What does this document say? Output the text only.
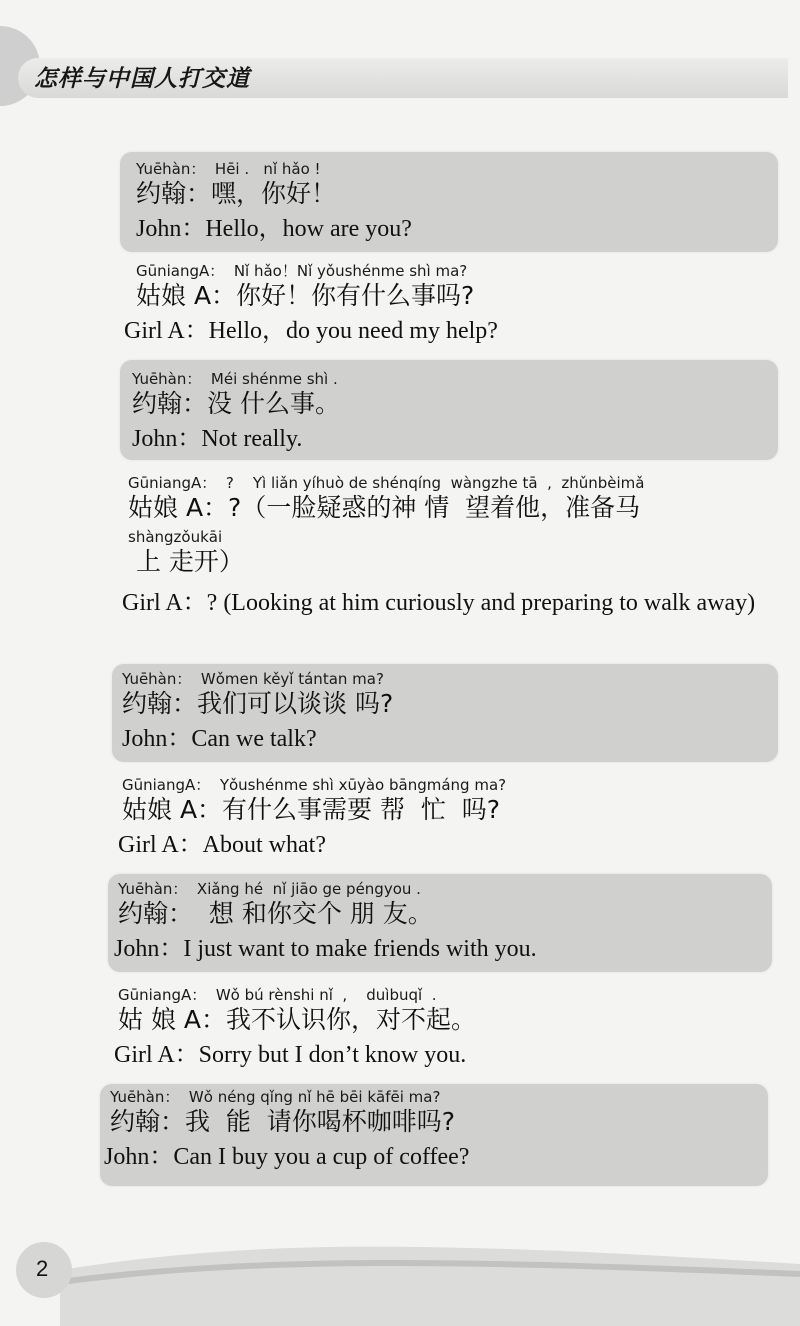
怎样与中国人打交道
Yuēhàn：  Hēi .   nǐ hǎo !
约翰：嘿，你好！
John：Hello，how are you?
GūniangA：  Nǐ hǎo！Nǐ yǒushénme shì ma?
姑娘 A：你好！你有什么事吗?
Girl A：Hello，do you need my help?
Yuēhàn：  Méi shénme shì .
约翰：没 什么事。
John：Not really.
GūniangA：  ?    Yì liǎn yíhuò de shénqíng  wàngzhe tā  ,  zhǔnbèimǎ
姑娘 A：?（一脸疑惑的神 情  望着他，准备马
shàngzǒukāi
上 走开）
Girl A：? (Looking at him curiously and preparing to walk away)
Yuēhàn：  Wǒmen kěyǐ tántan ma?
约翰：我们可以谈谈 吗?
John：Can we talk?
GūniangA：  Yǒushénme shì xūyào bāngmáng ma?
姑娘 A：有什么事需要 帮  忙  吗?
Girl A：About what?
Yuēhàn：  Xiǎng hé  nǐ jiāo ge péngyou .
约翰：  想 和你交个 朋 友。
John：I just want to make friends with you.
GūniangA：  Wǒ bú rènshi nǐ  ,    duìbuqǐ  .
姑 娘 A：我不认识你，对不起。
Girl A：Sorry but I don’t know you.
Yuēhàn：  Wǒ néng qǐng nǐ hē bēi kāfēi ma?
约翰：我  能  请你喝杯咖啡吗?
John：Can I buy you a cup of coffee?
2
